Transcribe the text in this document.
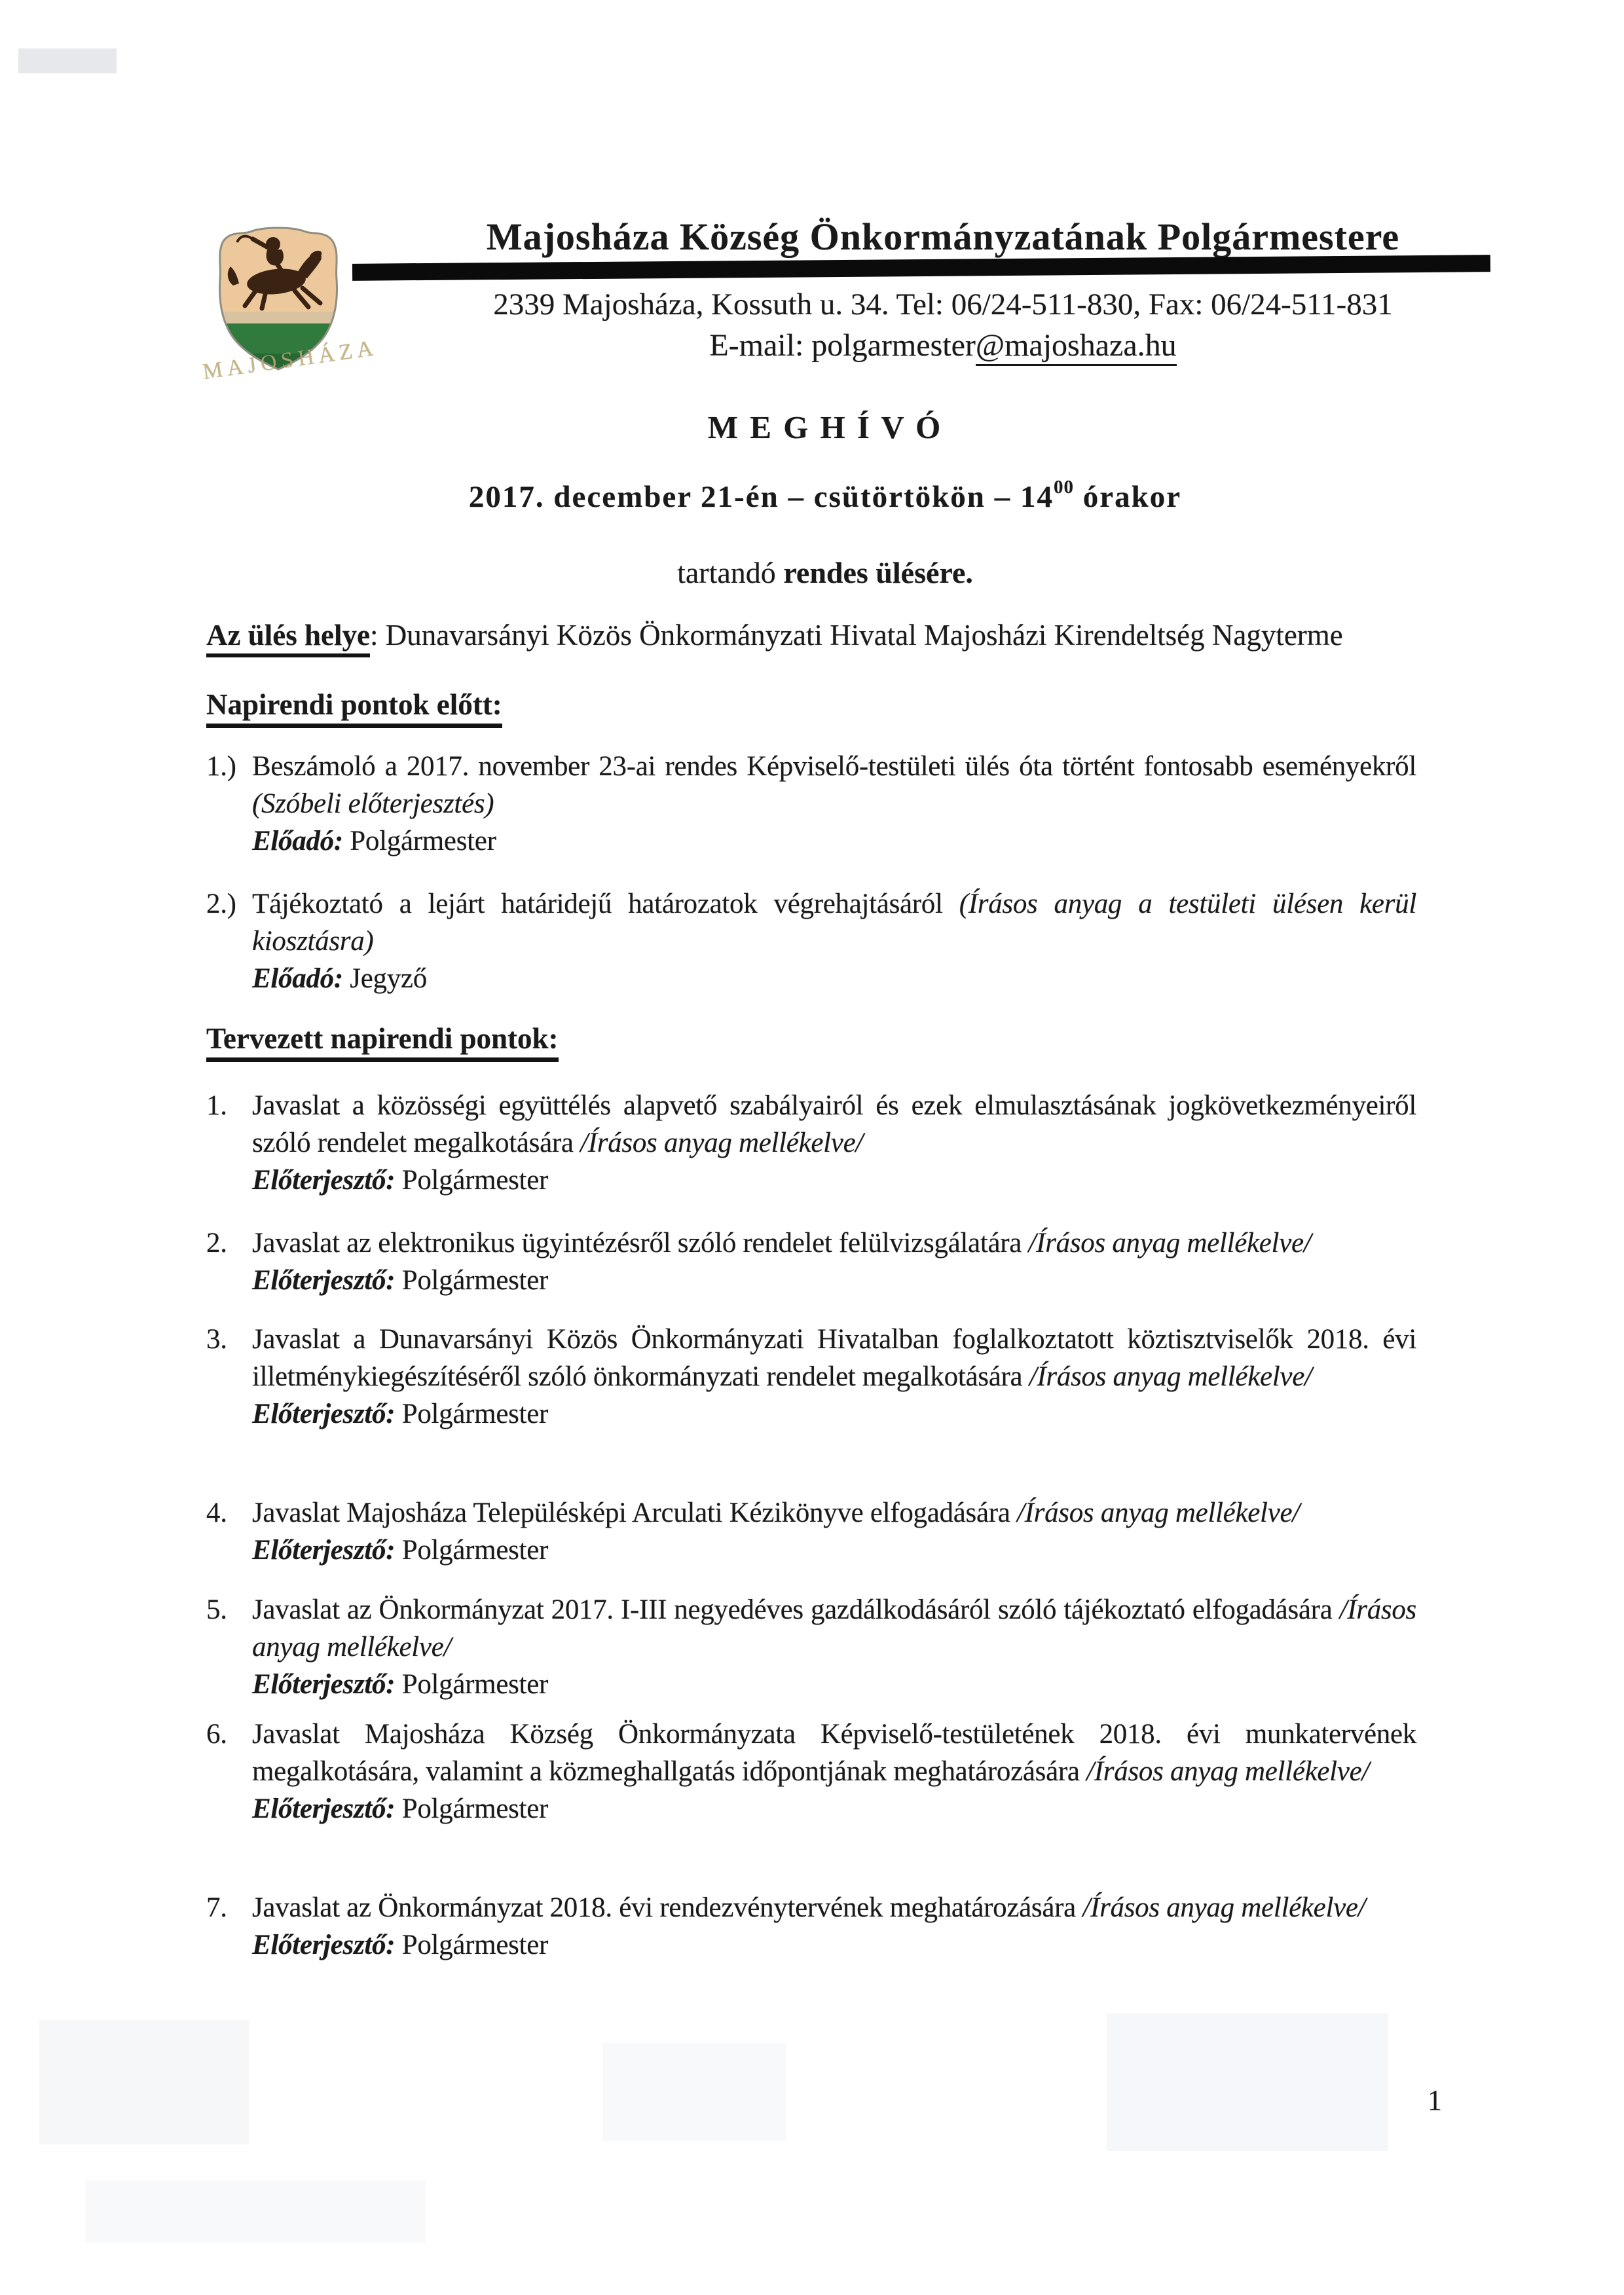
MAJOSHÁZA
Majosháza Község Önkormányzatának Polgármestere
2339 Majosháza, Kossuth u. 34. Tel: 06/24-511-830, Fax: 06/24-511-831
E-mail: polgarmester@majoshaza.hu
M E G H Í V Ó
2017. december 21-én – csütörtökön – $14^{00}$ órakor
tartandó rendes ülésére.
Az ülés helye: Dunavarsányi Közös Önkormányzati Hivatal Majosházi Kirendeltség Nagyterme
Napirendi pontok előtt:
1.) Beszámoló a 2017. november 23-ai rendes Képviselő-testületi ülés óta történt fontosabb eseményekről (Szóbeli előterjesztés)

Előadó: Polgármester

2.) Tájékoztató a lejárt határidejű határozatok végrehajtásáról (Írásos anyag a testületi ülésen kerül kiosztásra)

Előadó: Jegyző

Tervezett napirendi pontok:
1. Javaslat a közösségi együttélés alapvető szabályairól és ezek elmulasztásának jogkövetkezményeiről szóló rendelet megalkotására /Írásos anyag mellékelve/

Előterjesztő: Polgármester

2. Javaslat az elektronikus ügyintézésről szóló rendelet felülvizsgálatára /Írásos anyag mellékelve/

Előterjesztő: Polgármester

3. Javaslat a Dunavarsányi Közös Önkormányzati Hivatalban foglalkoztatott köztisztviselők 2018. évi illetménykiegészítéséről szóló önkormányzati rendelet megalkotására /Írásos anyag mellékelve/

Előterjesztő: Polgármester

4. Javaslat Majosháza Településképi Arculati Kézikönyve elfogadására /Írásos anyag mellékelve/

Előterjesztő: Polgármester

5. Javaslat az Önkormányzat 2017. I-III negyedéves gazdálkodásáról szóló tájékoztató elfogadására /Írásos anyag mellékelve/

Előterjesztő: Polgármester

6. Javaslat Majosháza Község Önkormányzata Képviselő-testületének 2018. évi munkatervének megalkotására, valamint a közmeghallgatás időpontjának meghatározására /Írásos anyag mellékelve/

Előterjesztő: Polgármester

7. Javaslat az Önkormányzat 2018. évi rendezvénytervének meghatározására /Írásos anyag mellékelve/

Előterjesztő: Polgármester

1
